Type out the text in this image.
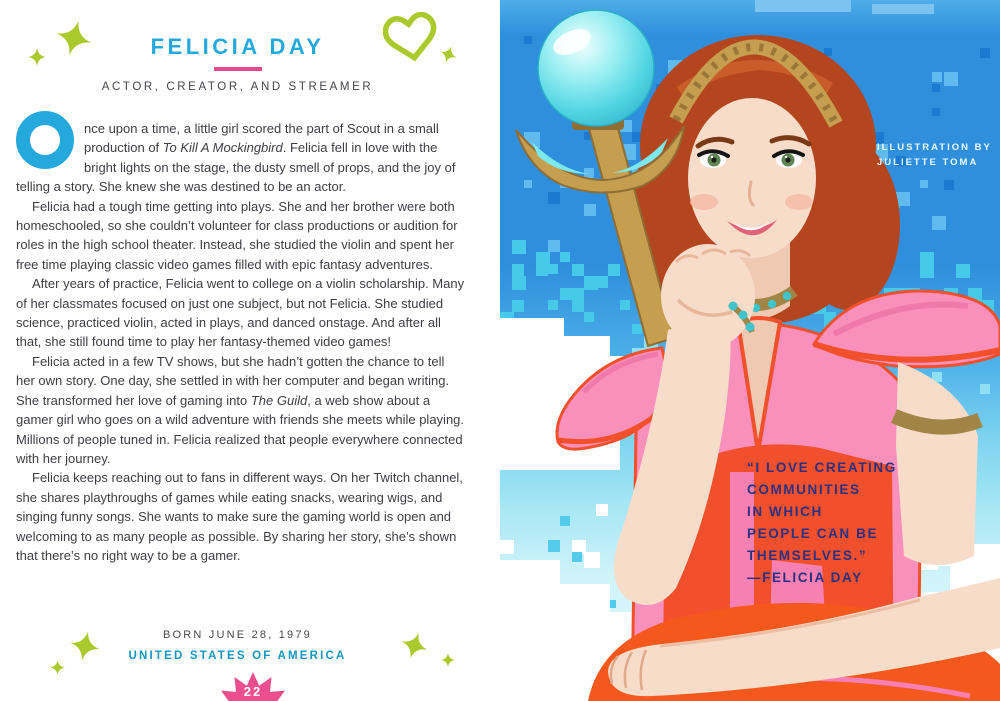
FELICIA DAY
ACTOR, CREATOR, AND STREAMER

nce upon a time, a little girl scored the part of Scout in a small production of To Kill A Mockingbird. Felicia fell in love with the bright lights on the stage, the dusty smell of props, and the joy of telling a story. She knew she was destined to be an actor.

Felicia had a tough time getting into plays. She and her brother were both homeschooled, so she couldn’t volunteer for class productions or audition for roles in the high school theater. Instead, she studied the violin and spent her free time playing classic video games filled with epic fantasy adventures.

After years of practice, Felicia went to college on a violin scholarship. Many of her classmates focused on just one subject, but not Felicia. She studied science, practiced violin, acted in plays, and danced onstage. And after all that, she still found time to play her fantasy-themed video games!

Felicia acted in a few TV shows, but she hadn’t gotten the chance to tell her own story. One day, she settled in with her computer and began writing. She transformed her love of gaming into The Guild, a web show about a gamer girl who goes on a wild adventure with friends she meets while playing. Millions of people tuned in. Felicia realized that people everywhere connected with her journey.

Felicia keeps reaching out to fans in different ways. On her Twitch channel, she shares playthroughs of games while eating snacks, wearing wigs, and singing funny songs. She wants to make sure the gaming world is open and welcoming to as many people as possible. By sharing her story, she’s shown that there’s no right way to be a gamer.

BORN JUNE 28, 1979
UNITED STATES OF AMERICA
22
ILLUSTRATION BY
JULIETTE TOMA
“I LOVE CREATING
COMMUNITIES
IN WHICH
PEOPLE CAN BE
THEMSELVES.”
—FELICIA DAY
